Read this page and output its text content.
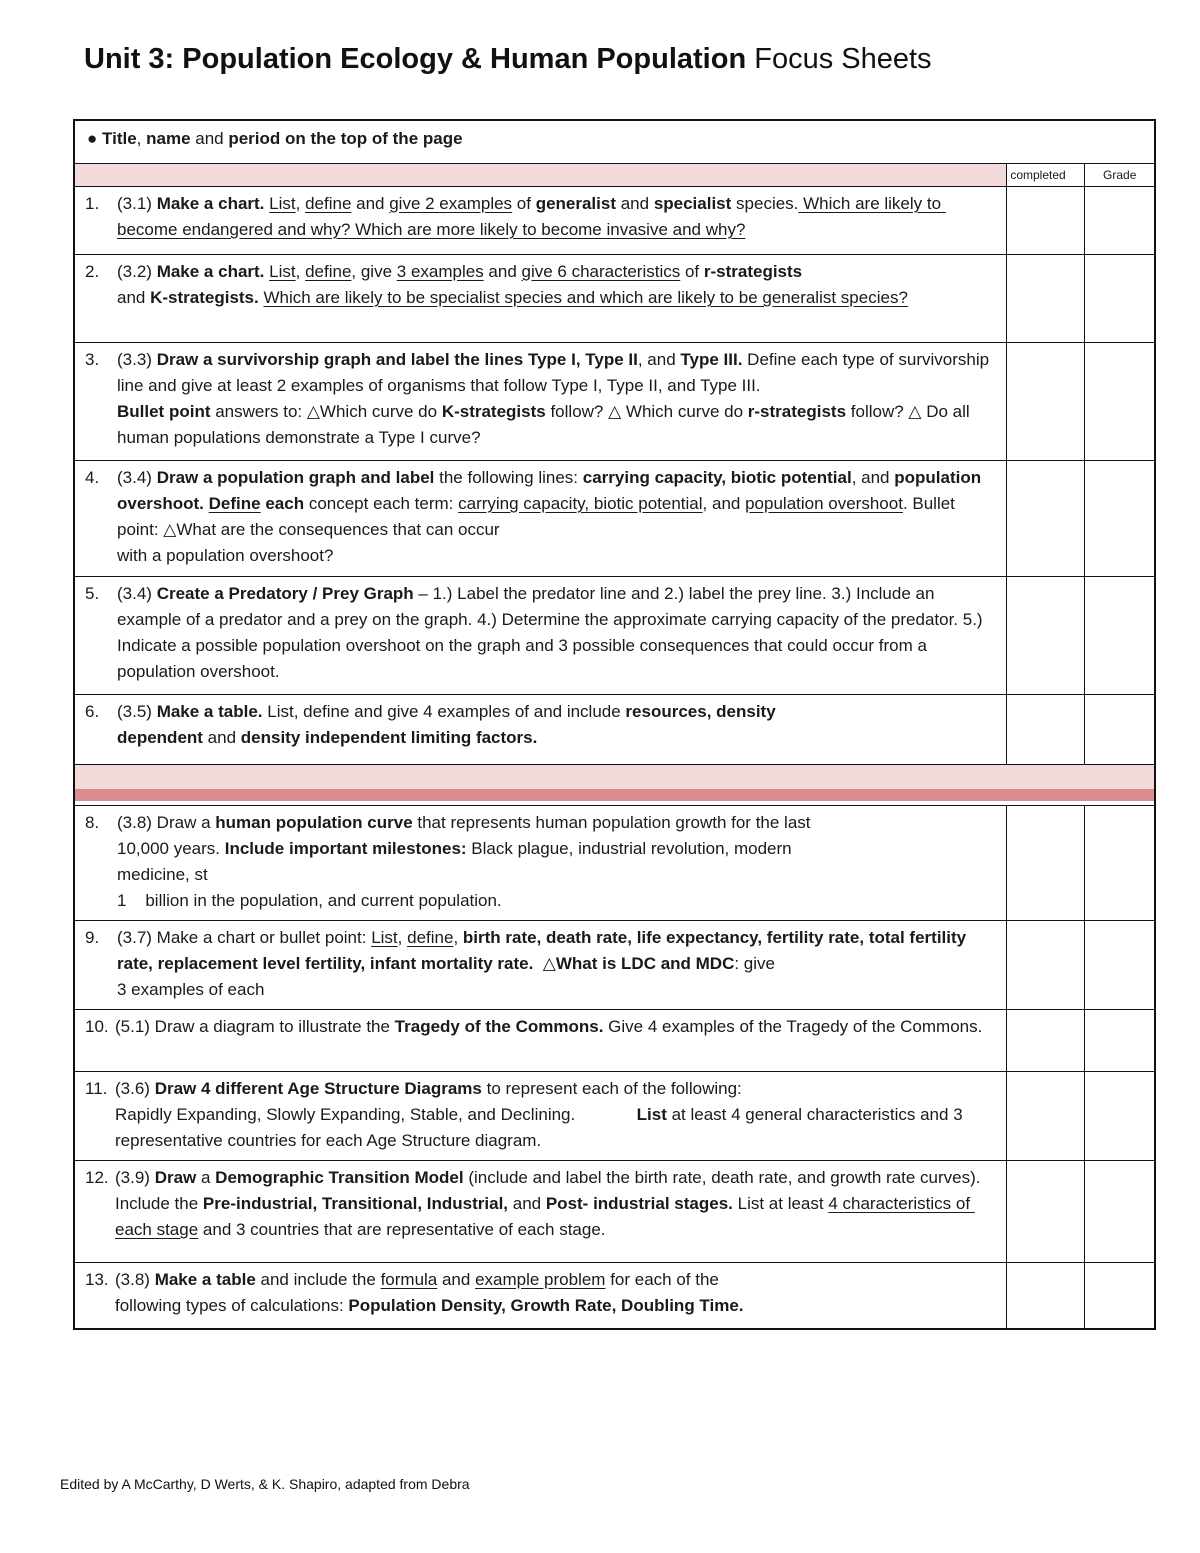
Unit 3: Population Ecology & Human Population Focus Sheets
● Title, name and period on the top of the page		
	completed	Grade

1. (3.1) Make a chart. List, define and give 2 examples of generalist and specialist species. Which are likely to become endangered and why? Which are more likely to become invasive and why?		

2. (3.2) Make a chart. List, define, give 3 examples and give 6 characteristics of r-strategists
and K-strategists. Which are likely to be specialist species and which are likely to be generalist species?		

3. (3.3) Draw a survivorship graph and label the lines Type I, Type II, and Type III. Define each type of survivorship line and give at least 2 examples of organisms that follow Type I, Type II, and Type III.
Bullet point answers to: △Which curve do K-strategists follow? △ Which curve do r-strategists follow? △ Do all human populations demonstrate a Type I curve?		

4. (3.4) Draw a population graph and label the following lines: carrying capacity, biotic potential, and population overshoot. Define each concept each term: carrying capacity, biotic potential, and population overshoot. Bullet point: △What are the consequences that can occur
with a population overshoot?		

5. (3.4) Create a Predatory / Prey Graph – 1.) Label the predator line and 2.) label the prey line. 3.) Include an example of a predator and a prey on the graph. 4.) Determine the approximate carrying capacity of the predator. 5.) Indicate a possible population overshoot on the graph and 3 possible consequences that could occur from a population overshoot.		

6. (3.5) Make a table. List, define and give 4 examples of and include resources, density
dependent and density independent limiting factors.		

8. (3.8) Draw a human population curve that represents human population growth for the last
10,000 years. Include important milestones: Black plague, industrial revolution, modern
medicine, st
1    billion in the population, and current population.		

9. (3.7) Make a chart or bullet point: List, define, birth rate, death rate, life expectancy, fertility rate, total fertility rate, replacement level fertility, infant mortality rate.  △What is LDC and MDC: give
3 examples of each		

10. (5.1) Draw a diagram to illustrate the Tragedy of the Commons. Give 4 examples of the Tragedy of the Commons.		

11. (3.6) Draw 4 different Age Structure Diagrams to represent each of the following:
Rapidly Expanding, Slowly Expanding, Stable, and Declining.             List at least 4 general characteristics and 3 representative countries for each Age Structure diagram.		

12. (3.9) Draw a Demographic Transition Model (include and label the birth rate, death rate, and growth rate curves). Include the Pre-industrial, Transitional, Industrial, and Post- industrial stages. List at least 4 characteristics of each stage and 3 countries that are representative of each stage.		

13. (3.8) Make a table and include the formula and example problem for each of the
following types of calculations: Population Density, Growth Rate, Doubling Time.		

Edited by A McCarthy, D Werts, & K. Shapiro, adapted from Debra
